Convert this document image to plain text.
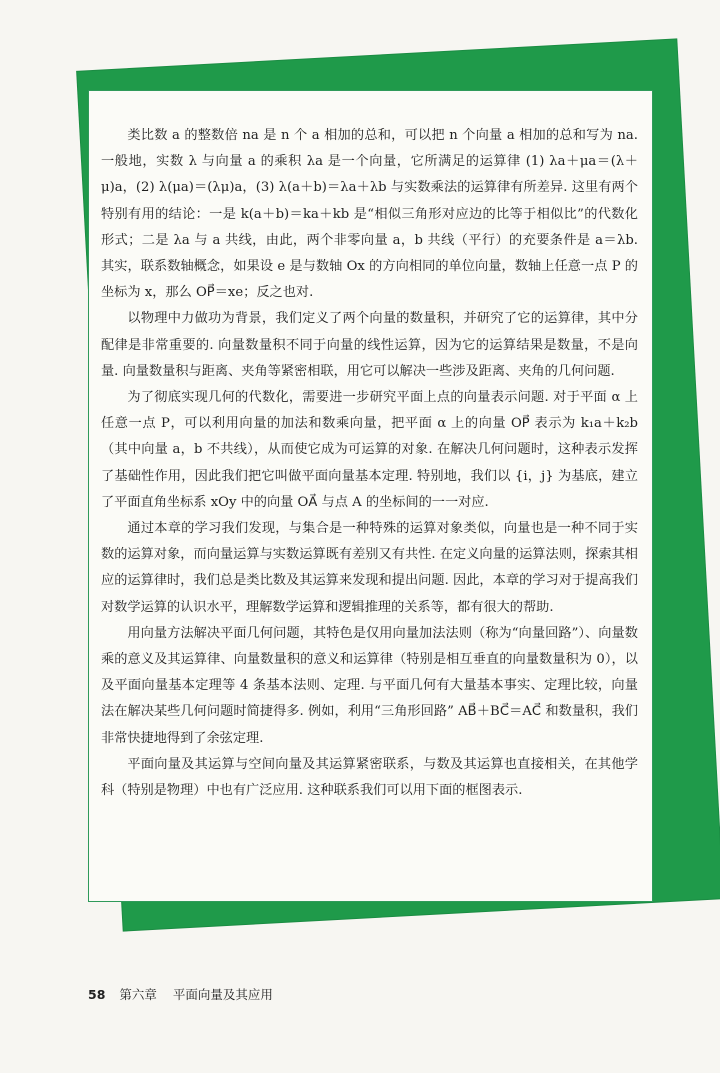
类比数 a 的整数倍 na 是 n 个 a 相加的总和，可以把 n 个向量 a 相加的总和写为 na. 一般地，实数 λ 与向量 a 的乘积 λa 是一个向量，它所满足的运算律 (1) λa＋μa＝(λ＋μ)a，(2) λ(μa)＝(λμ)a，(3) λ(a＋b)＝λa＋λb 与实数乘法的运算律有所差异. 这里有两个特别有用的结论：一是 k(a＋b)＝ka＋kb 是“相似三角形对应边的比等于相似比”的代数化形式；二是 λa 与 a 共线，由此，两个非零向量 a，b 共线（平行）的充要条件是 a＝λb. 其实，联系数轴概念，如果设 e 是与数轴 Ox 的方向相同的单位向量，数轴上任意一点 P 的坐标为 x，那么 OP⃗＝xe；反之也对.

以物理中力做功为背景，我们定义了两个向量的数量积，并研究了它的运算律，其中分配律是非常重要的. 向量数量积不同于向量的线性运算，因为它的运算结果是数量，不是向量. 向量数量积与距离、夹角等紧密相联，用它可以解决一些涉及距离、夹角的几何问题.

为了彻底实现几何的代数化，需要进一步研究平面上点的向量表示问题. 对于平面 α 上任意一点 P，可以利用向量的加法和数乘向量，把平面 α 上的向量 OP⃗ 表示为 k₁a＋k₂b（其中向量 a，b 不共线），从而使它成为可运算的对象. 在解决几何问题时，这种表示发挥了基础性作用，因此我们把它叫做平面向量基本定理. 特别地，我们以 {i，j} 为基底，建立了平面直角坐标系 xOy 中的向量 OA⃗ 与点 A 的坐标间的一一对应.

通过本章的学习我们发现，与集合是一种特殊的运算对象类似，向量也是一种不同于实数的运算对象，而向量运算与实数运算既有差别又有共性. 在定义向量的运算法则，探索其相应的运算律时，我们总是类比数及其运算来发现和提出问题. 因此，本章的学习对于提高我们对数学运算的认识水平，理解数学运算和逻辑推理的关系等，都有很大的帮助.

用向量方法解决平面几何问题，其特色是仅用向量加法法则（称为“向量回路”）、向量数乘的意义及其运算律、向量数量积的意义和运算律（特别是相互垂直的向量数量积为 0），以及平面向量基本定理等 4 条基本法则、定理. 与平面几何有大量基本事实、定理比较，向量法在解决某些几何问题时简捷得多. 例如，利用“三角形回路” AB⃗＋BC⃗＝AC⃗ 和数量积，我们非常快捷地得到了余弦定理.

平面向量及其运算与空间向量及其运算紧密联系，与数及其运算也直接相关，在其他学科（特别是物理）中也有广泛应用. 这种联系我们可以用下面的框图表示.

58 第六章 平面向量及其应用
